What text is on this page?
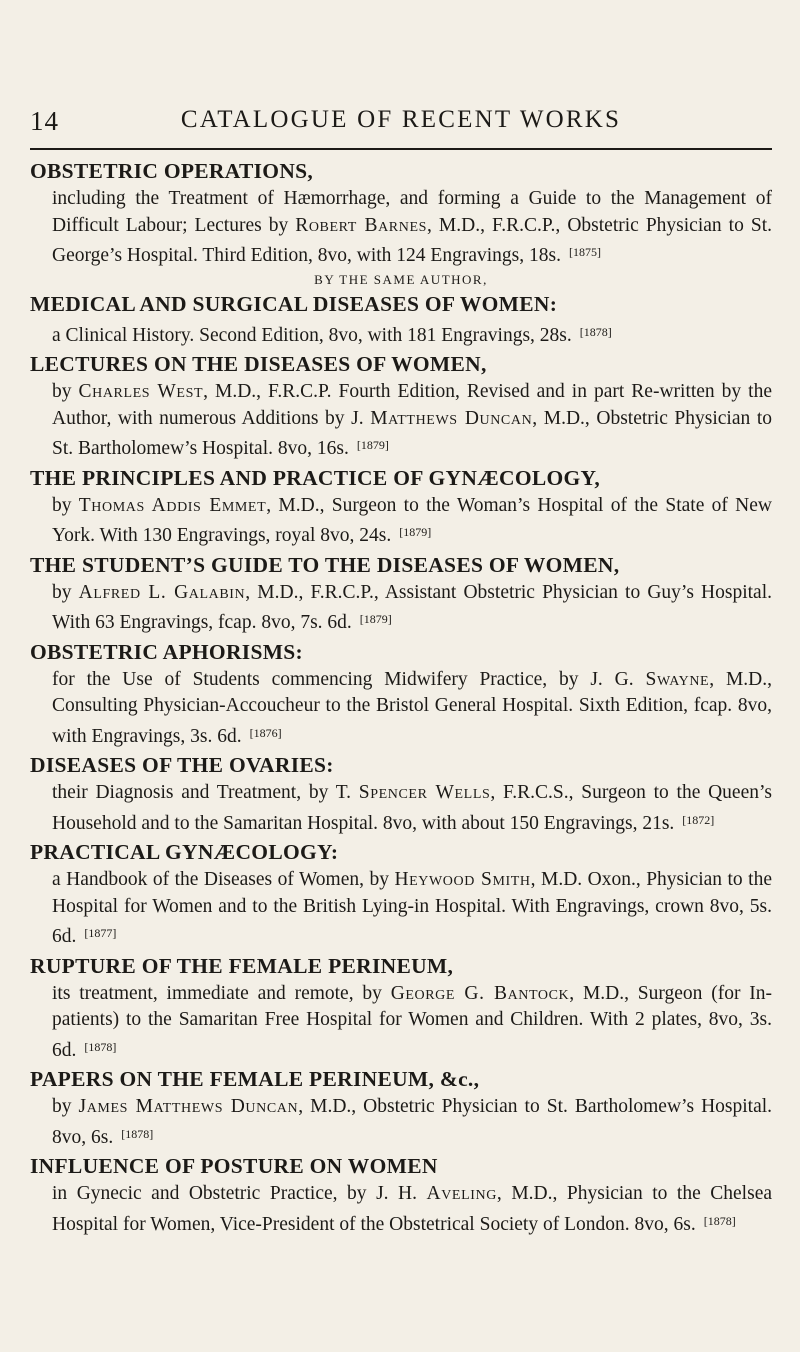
14	CATALOGUE OF RECENT WORKS
OBSTETRIC OPERATIONS,
including the Treatment of Hæmorrhage, and forming a Guide to the Management of Difficult Labour; Lectures by Robert Barnes, M.D., F.R.C.P., Obstetric Physician to St. George’s Hospital. Third Edition, 8vo, with 124 Engravings, 18s. [1875]
BY THE SAME AUTHOR,
MEDICAL AND SURGICAL DISEASES OF WOMEN:
a Clinical History. Second Edition, 8vo, with 181 Engravings, 28s. [1878]
LECTURES ON THE DISEASES OF WOMEN,
by Charles West, M.D., F.R.C.P. Fourth Edition, Revised and in part Re-written by the Author, with numerous Additions by J. Matthews Duncan, M.D., Obstetric Physician to St. Bartholomew’s Hospital. 8vo, 16s. [1879]
THE PRINCIPLES AND PRACTICE OF GYNÆCOLOGY,
by Thomas Addis Emmet, M.D., Surgeon to the Woman’s Hospital of the State of New York. With 130 Engravings, royal 8vo, 24s. [1879]
THE STUDENT’S GUIDE TO THE DISEASES OF WOMEN,
by Alfred L. Galabin, M.D., F.R.C.P., Assistant Obstetric Physician to Guy’s Hospital. With 63 Engravings, fcap. 8vo, 7s. 6d. [1879]
OBSTETRIC APHORISMS:
for the Use of Students commencing Midwifery Practice, by J. G. Swayne, M.D., Consulting Physician-Accoucheur to the Bristol General Hospital. Sixth Edition, fcap. 8vo, with Engravings, 3s. 6d. [1876]
DISEASES OF THE OVARIES:
their Diagnosis and Treatment, by T. Spencer Wells, F.R.C.S., Surgeon to the Queen’s Household and to the Samaritan Hospital. 8vo, with about 150 Engravings, 21s. [1872]
PRACTICAL GYNÆCOLOGY:
a Handbook of the Diseases of Women, by Heywood Smith, M.D. Oxon., Physician to the Hospital for Women and to the British Lying-in Hospital. With Engravings, crown 8vo, 5s. 6d. [1877]
RUPTURE OF THE FEMALE PERINEUM,
its treatment, immediate and remote, by George G. Bantock, M.D., Surgeon (for In-patients) to the Samaritan Free Hospital for Women and Children. With 2 plates, 8vo, 3s. 6d. [1878]
PAPERS ON THE FEMALE PERINEUM, &c.,
by James Matthews Duncan, M.D., Obstetric Physician to St. Bartholomew’s Hospital. 8vo, 6s. [1878]
INFLUENCE OF POSTURE ON WOMEN
in Gynecic and Obstetric Practice, by J. H. Aveling, M.D., Physician to the Chelsea Hospital for Women, Vice-President of the Obstetrical Society of London. 8vo, 6s. [1878]
